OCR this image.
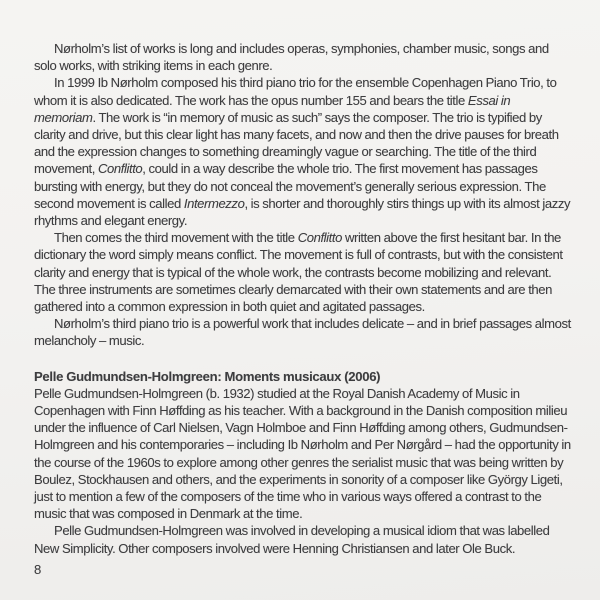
Nørholm’s list of works is long and includes operas, symphonies, chamber music, songs and solo works, with striking items in each genre.

In 1999 Ib Nørholm composed his third piano trio for the ensemble Copenhagen Piano Trio, to whom it is also dedicated. The work has the opus number 155 and bears the title Essai in memoriam. The work is “in memory of music as such” says the composer. The trio is typified by clarity and drive, but this clear light has many facets, and now and then the drive pauses for breath and the expression changes to something dreamingly vague or searching. The title of the third movement, Conflitto, could in a way describe the whole trio. The first movement has passages bursting with energy, but they do not conceal the movement’s generally serious expression. The second movement is called Intermezzo, is shorter and thoroughly stirs things up with its almost jazzy rhythms and elegant energy.

Then comes the third movement with the title Conflitto written above the first hesitant bar. In the dictionary the word simply means conflict. The movement is full of contrasts, but with the consistent clarity and energy that is typical of the whole work, the contrasts become mobilizing and relevant. The three instruments are sometimes clearly demarcated with their own statements and are then gathered into a common expression in both quiet and agitated passages.

Nørholm’s third piano trio is a powerful work that includes delicate – and in brief passages almost melancholy – music.

Pelle Gudmundsen-Holmgreen: Moments musicaux (2006)

Pelle Gudmundsen-Holmgreen (b. 1932) studied at the Royal Danish Academy of Music in Copenhagen with Finn Høffding as his teacher. With a background in the Danish composition milieu under the influence of Carl Nielsen, Vagn Holmboe and Finn Høffding among others, Gudmundsen-Holmgreen and his contemporaries – including Ib Nørholm and Per Nørgård – had the opportunity in the course of the 1960s to explore among other genres the serialist music that was being written by Boulez, Stockhausen and others, and the experiments in sonority of a composer like György Ligeti, just to mention a few of the composers of the time who in various ways offered a contrast to the music that was composed in Denmark at the time.

Pelle Gudmundsen-Holmgreen was involved in developing a musical idiom that was labelled New Simplicity. Other composers involved were Henning Christiansen and later Ole Buck.

8
